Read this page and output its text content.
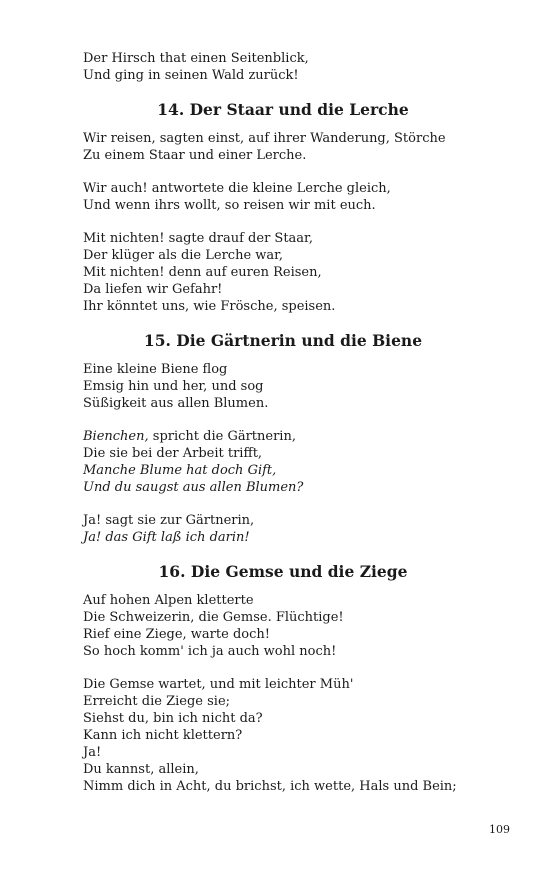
Der Hirsch that einen Seitenblick,
Und ging in seinen Wald zurück!
14. Der Staar und die Lerche
Wir reisen, sagten einst, auf ihrer Wanderung, Störche
Zu einem Staar und einer Lerche.
Wir auch! antwortete die kleine Lerche gleich,
Und wenn ihrs wollt, so reisen wir mit euch.
Mit nichten! sagte drauf der Staar,
Der klüger als die Lerche war,
Mit nichten! denn auf euren Reisen,
Da liefen wir Gefahr!
Ihr könntet uns, wie Frösche, speisen.
15. Die Gärtnerin und die Biene
Eine kleine Biene flog
Emsig hin und her, und sog
Süßigkeit aus allen Blumen.
Bienchen, spricht die Gärtnerin,
Die sie bei der Arbeit trifft,
Manche Blume hat doch Gift,
Und du saugst aus allen Blumen?
Ja! sagt sie zur Gärtnerin,
Ja! das Gift laß ich darin!
16. Die Gemse und die Ziege
Auf hohen Alpen kletterte
Die Schweizerin, die Gemse. Flüchtige!
Rief eine Ziege, warte doch!
So hoch komm' ich ja auch wohl noch!
Die Gemse wartet, und mit leichter Müh'
Erreicht die Ziege sie;
Siehst du, bin ich nicht da?
Kann ich nicht klettern?
Ja!
Du kannst, allein,
Nimm dich in Acht, du brichst, ich wette, Hals und Bein;
109
